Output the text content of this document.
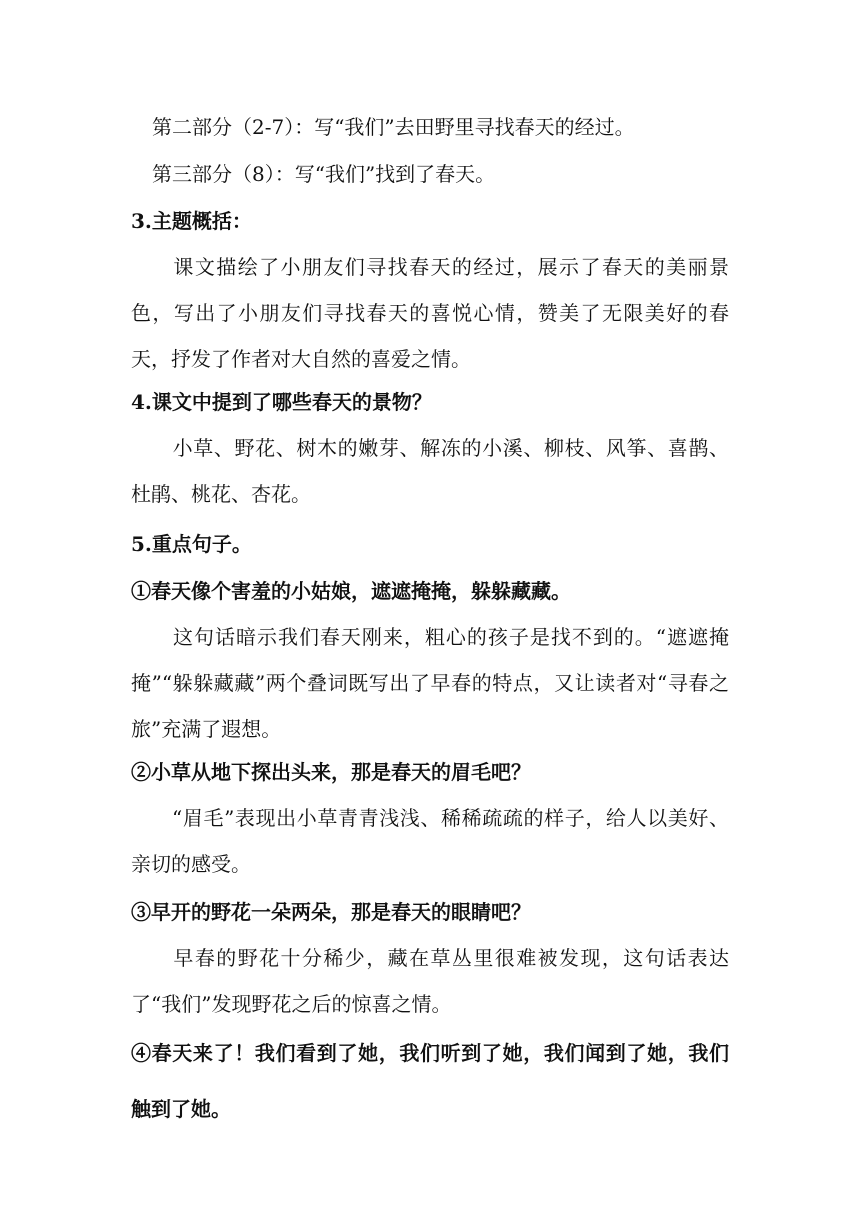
第二部分（2-7）：写“我们”去田野里寻找春天的经过。
第三部分（8）：写“我们”找到了春天。
3.主题概括：
课文描绘了小朋友们寻找春天的经过，展示了春天的美丽景色，写出了小朋友们寻找春天的喜悦心情，赞美了无限美好的春天，抒发了作者对大自然的喜爱之情。
4.课文中提到了哪些春天的景物？
小草、野花、树木的嫩芽、解冻的小溪、柳枝、风筝、喜鹊、杜鹃、桃花、杏花。
5.重点句子。
①春天像个害羞的小姑娘，遮遮掩掩，躲躲藏藏。
这句话暗示我们春天刚来，粗心的孩子是找不到的。“遮遮掩掩”“躲躲藏藏”两个叠词既写出了早春的特点，又让读者对“寻春之旅”充满了遐想。
②小草从地下探出头来，那是春天的眉毛吧？
“眉毛”表现出小草青青浅浅、稀稀疏疏的样子，给人以美好、亲切的感受。
③早开的野花一朵两朵，那是春天的眼睛吧？
早春的野花十分稀少，藏在草丛里很难被发现，这句话表达了“我们”发现野花之后的惊喜之情。
④春天来了！我们看到了她，我们听到了她，我们闻到了她，我们触到了她。
